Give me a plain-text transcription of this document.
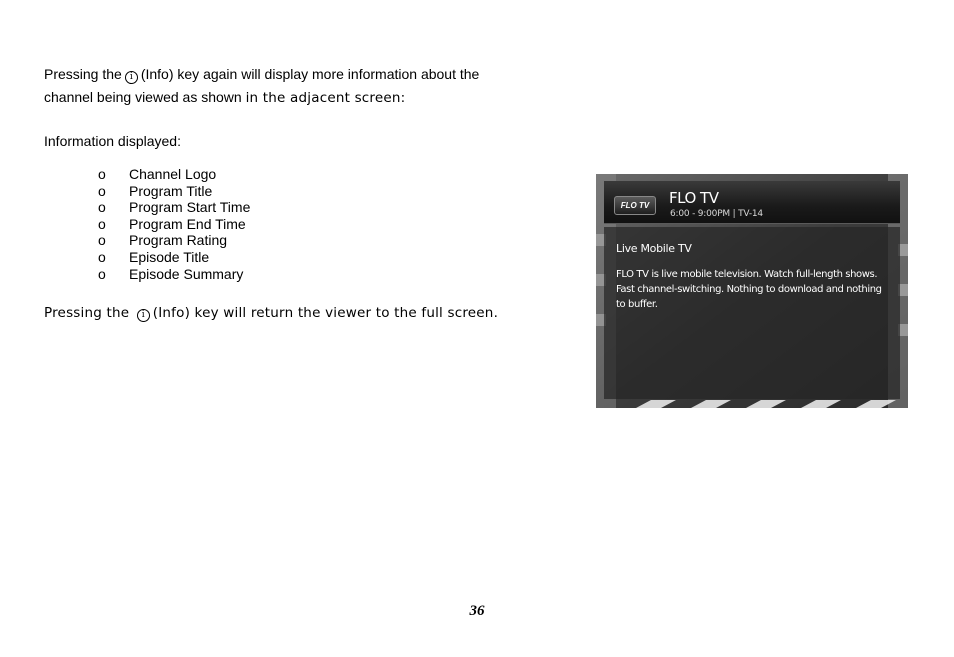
Pressing the i (Info) key again will display more information about the
channel being viewed as shown in the adjacent screen:
Information displayed:
o Channel Logo
o Program Title
o Program Start Time
o Program End Time
o Program Rating
o Episode Title
o Episode Summary
Pressing the i (Info) key will return the viewer to the full screen.
FLO TV	FLO TV
6:00 - 9:00PM | TV-14
Live Mobile TV
FLO TV is live mobile television. Watch full-length shows. Fast channel-switching. Nothing to download and nothing to buffer.
36
